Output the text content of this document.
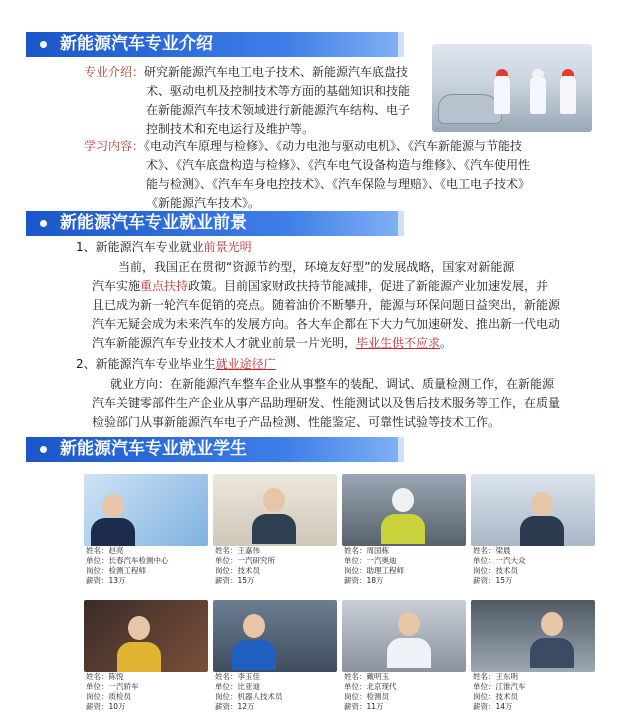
新能源汽车专业介绍
专业介绍：研究新能源汽车电工电子技术、新能源汽车底盘技
术、驱动电机及控制技术等方面的基础知识和技能
在新能源汽车技术领域进行新能源汽车结构、电子
控制技术和充电运行及维护等。
学习内容：《电动汽车原理与检修》、《动力电池与驱动电机》、《汽车新能源与节能技
术》、《汽车底盘构造与检修》、《汽车电气设备构造与维修》、《汽车使用性
能与检测》、《汽车车身电控技术》、《汽车保险与理赔》、《电工电子技术》
《新能源汽车技术》。
新能源汽车专业就业前景
1、新能源汽车专业就业前景光明
当前，我国正在贯彻“资源节约型，环境友好型”的发展战略，国家对新能源
汽车实施重点扶持政策。目前国家财政扶持节能减排，促进了新能源产业加速发展，并
且已成为新一轮汽车促销的亮点。随着油价不断攀升，能源与环保问题日益突出，新能源
汽车无疑会成为未来汽车的发展方向。各大车企都在下大力气加速研发、推出新一代电动
汽车新能源汽车专业技术人才就业前景一片光明，毕业生供不应求。
2、新能源汽车专业毕业生就业途径广
就业方向：在新能源汽车整车企业从事整车的装配、调试、质量检测工作，在新能源
汽车关键零部件生产企业从事产品助理研发、性能测试以及售后技术服务等工作，在质量
检验部门从事新能源汽车电子产品检测、性能鉴定、可靠性试验等技术工作。
新能源汽车专业就业学生
姓名：赵亮
单位：长春汽车检测中心
岗位：检测工程师
薪资：13万
姓名：王嘉伟
单位：一汽研究所
岗位：技术员
薪资：15万
姓名：周国栋
单位：一汽奥迪
岗位：助理工程师
薪资：18万
姓名：梁晨
单位：一汽大众
岗位：技术员
薪资：15万
姓名：陈悦
单位：一汽轿车
岗位：质检员
薪资：10万
姓名：李玉佳
单位：比亚迪
岗位：机器人技术员
薪资：12万
姓名：戴明玉
单位：北京现代
岗位：检测员
薪资：11万
姓名：王东明
单位：江淮汽车
岗位：技术员
薪资：14万
